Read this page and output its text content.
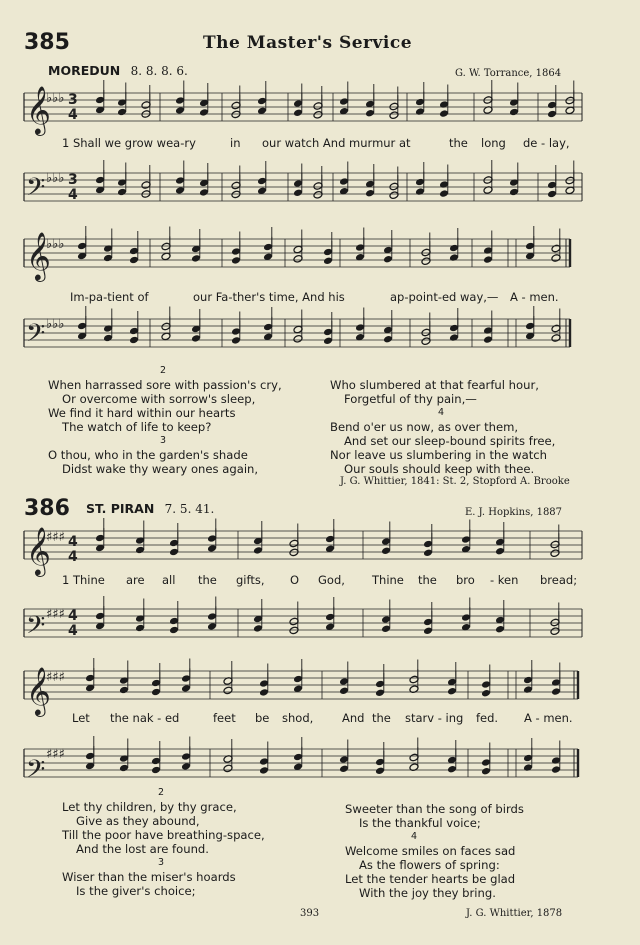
385	The Master's Service
MOREDUN 8. 8. 8. 6.	G. W. Torrance, 1864
𝄞
𝄢
𝄞
𝄢
𝄞
𝄢
𝄞
𝄢
♭♭♭
♭♭♭
♭♭♭
♭♭♭
♯♯♯
♯♯♯
♯♯♯
♯♯♯
3
4
3
4
4
4
4
4
1 Shall we grow wea-ry	in our watch And murmur at	the long de - lay,
Im-pa-tient of	our Fa-ther's time, And his	ap-point-ed way,— A - men.
2
When harrassed sore with passion's cry,
Or overcome with sorrow's sleep,
We find it hard within our hearts
The watch of life to keep?
3
O thou, who in the garden's shade
Didst wake thy weary ones again,
Who slumbered at that fearful hour,
Forgetful of thy pain,—
4
Bend o'er us now, as over them,
And set our sleep-bound spirits free,
Nor leave us slumbering in the watch
Our souls should keep with thee.
J. G. Whittier, 1841: St. 2, Stopford A. Brooke
386 ST. PIRAN 7. 5. 41.	E. J. Hopkins, 1887
1 Thine are all the gifts, O God, Thine the bro - ken bread;
Let the nak - ed	feet be shod, And the starv - ing fed. A - men.
2
Let thy children, by thy grace,
Give as they abound,
Till the poor have breathing-space,
And the lost are found.
3
Wiser than the miser's hoards
Is the giver's choice;
Sweeter than the song of birds
Is the thankful voice;
4
Welcome smiles on faces sad
As the flowers of spring:
Let the tender hearts be glad
With the joy they bring.
J. G. Whittier, 1878
393
